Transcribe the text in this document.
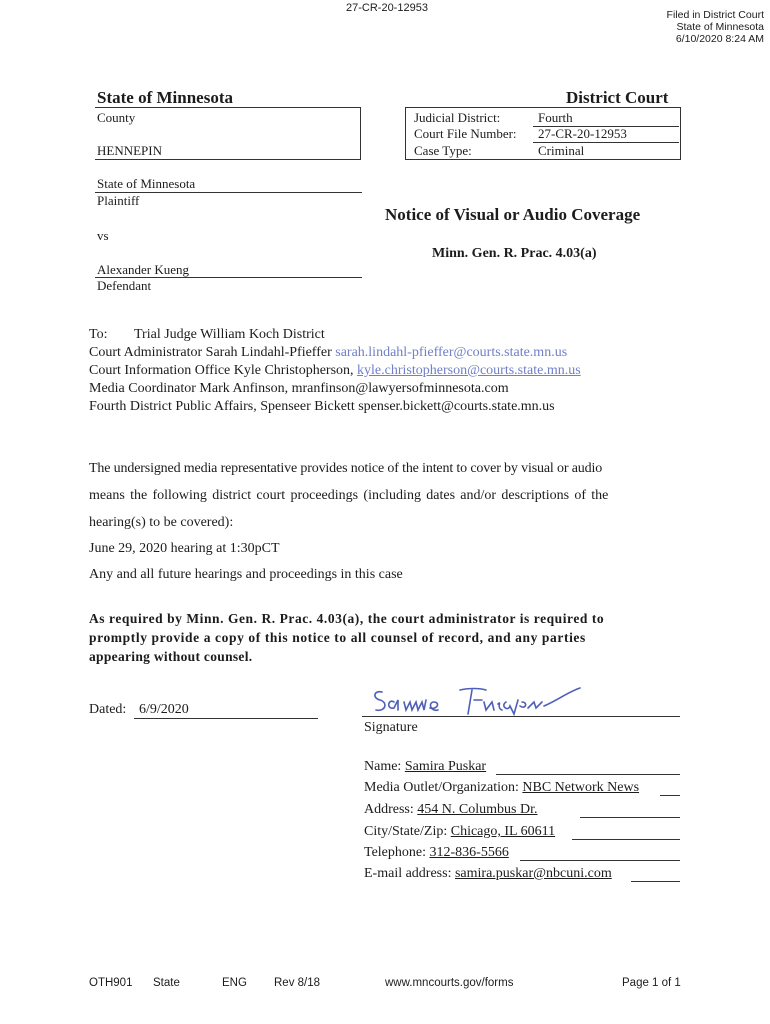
27-CR-20-12953
Filed in District Court
State of Minnesota
6/10/2020 8:24 AM
State of Minnesota	District Court
County
HENNEPIN
Judicial District:	Fourth
Court File Number: 27-CR-20-12953
Case Type:	Criminal
State of Minnesota
Plaintiff
vs
Alexander Kueng
Defendant
Notice of Visual or Audio Coverage
Minn. Gen. R. Prac. 4.03(a)
To: Trial Judge William Koch District
Court Administrator Sarah Lindahl-Pfieffer sarah.lindahl-pfieffer@courts.state.mn.us
Court Information Office Kyle Christopherson, kyle.christopherson@courts.state.mn.us
Media Coordinator Mark Anfinson, mranfinson@lawyersofminnesota.com
Fourth District Public Affairs, Spenseer Bickett spenser.bickett@courts.state.mn.us
The undersigned media representative provides notice of the intent to cover by visual or audio
means the following district court proceedings (including dates and/or descriptions of the
hearing(s) to be covered):
June 29, 2020 hearing at 1:30pCT
Any and all future hearings and proceedings in this case
As required by Minn. Gen. R. Prac. 4.03(a), the court administrator is required to
promptly provide a copy of this notice to all counsel of record, and any parties
appearing without counsel.
Dated: 6/9/2020
Signature
Name: Samira Puskar
Media Outlet/Organization: NBC Network News
Address: 454 N. Columbus Dr.
City/State/Zip: Chicago, IL 60611
Telephone: 312-836-5566
E-mail address: samira.puskar@nbcuni.com
OTH901 State	ENG Rev 8/18	www.mncourts.gov/forms	Page 1 of 1
